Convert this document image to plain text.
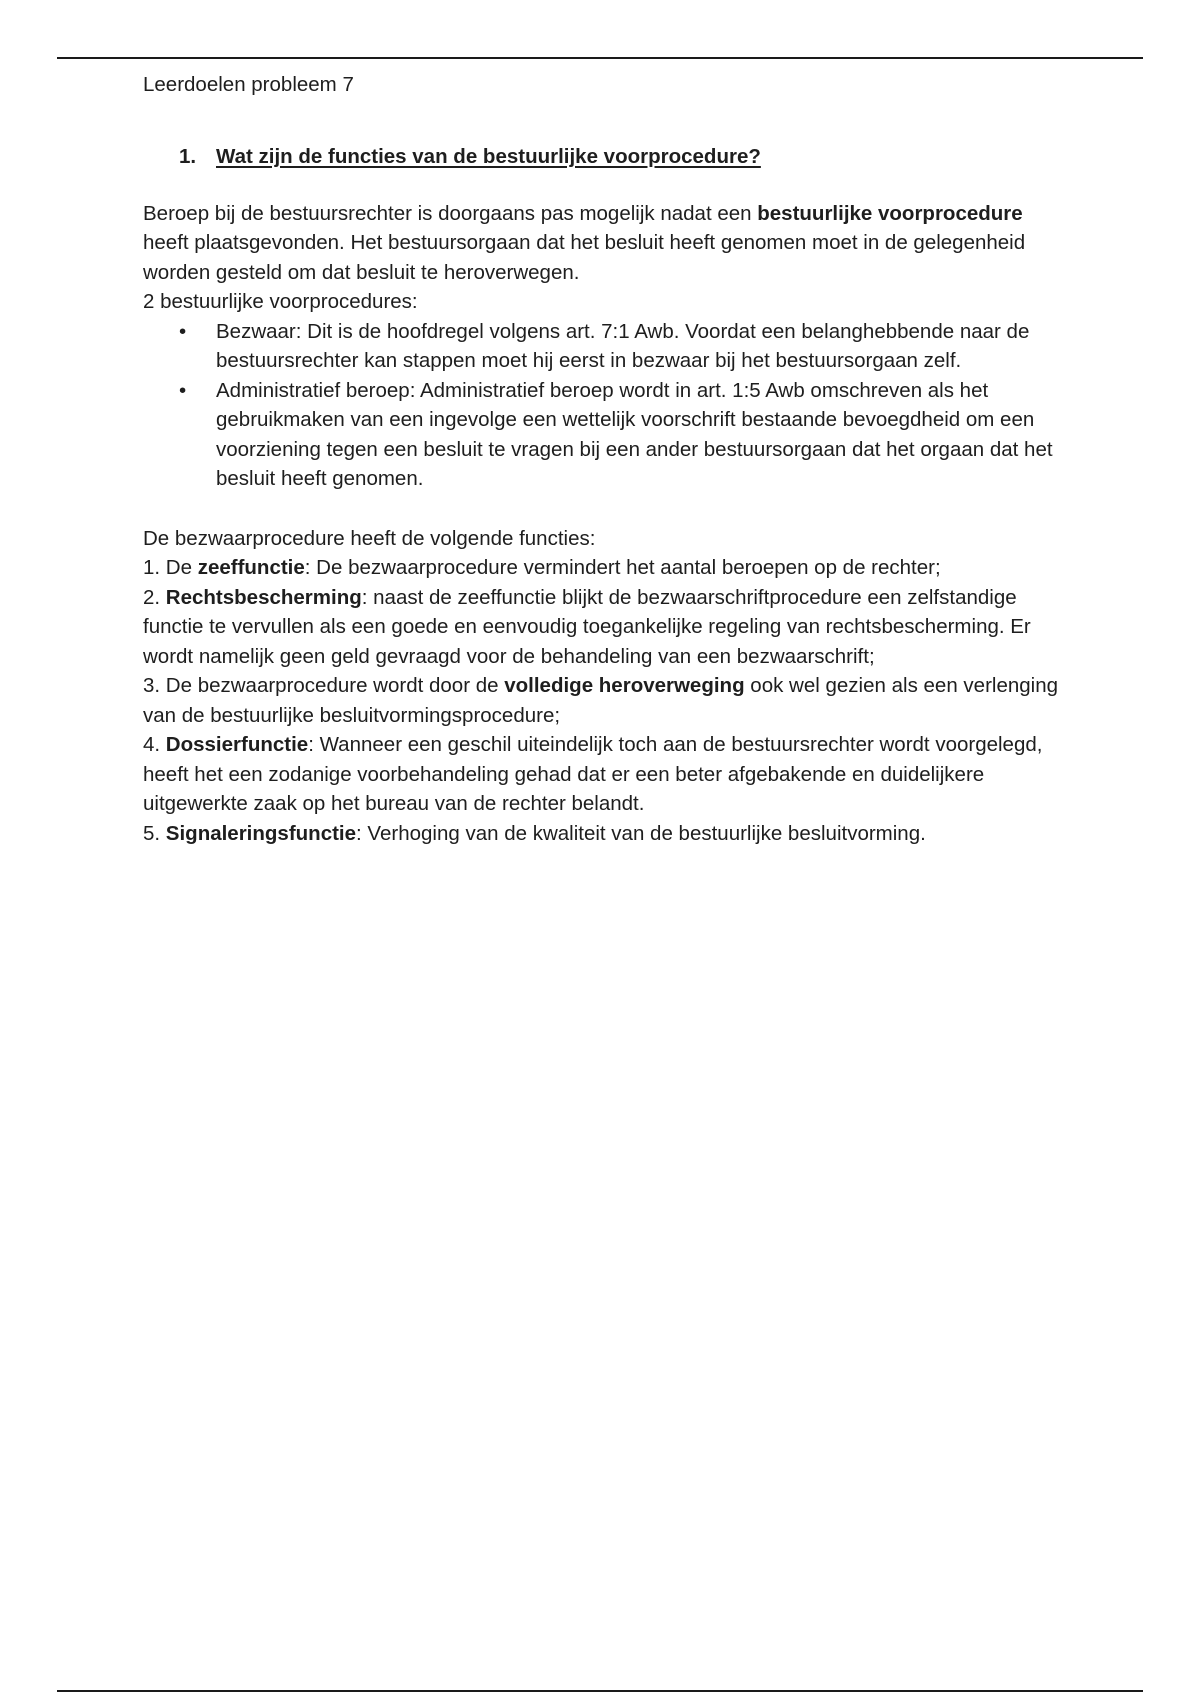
Leerdoelen probleem 7

1. Wat zijn de functies van de bestuurlijke voorprocedure?

Beroep bij de bestuursrechter is doorgaans pas mogelijk nadat een bestuurlijke voorprocedure heeft plaatsgevonden. Het bestuursorgaan dat het besluit heeft genomen moet in de gelegenheid worden gesteld om dat besluit te heroverwegen.

2 bestuurlijke voorprocedures:

• Bezwaar: Dit is de hoofdregel volgens art. 7:1 Awb. Voordat een belanghebbende naar de bestuursrechter kan stappen moet hij eerst in bezwaar bij het bestuursorgaan zelf.
• Administratief beroep: Administratief beroep wordt in art. 1:5 Awb omschreven als het gebruikmaken van een ingevolge een wettelijk voorschrift bestaande bevoegdheid om een voorziening tegen een besluit te vragen bij een ander bestuursorgaan dat het orgaan dat het besluit heeft genomen.

De bezwaarprocedure heeft de volgende functies:

1. De zeeffunctie: De bezwaarprocedure vermindert het aantal beroepen op de rechter;

2. Rechtsbescherming: naast de zeeffunctie blijkt de bezwaarschriftprocedure een zelfstandige functie te vervullen als een goede en eenvoudig toegankelijke regeling van rechtsbescherming. Er wordt namelijk geen geld gevraagd voor de behandeling van een bezwaarschrift;

3. De bezwaarprocedure wordt door de volledige heroverweging ook wel gezien als een verlenging van de bestuurlijke besluitvormingsprocedure;

4. Dossierfunctie: Wanneer een geschil uiteindelijk toch aan de bestuursrechter wordt voorgelegd, heeft het een zodanige voorbehandeling gehad dat er een beter afgebakende en duidelijkere uitgewerkte zaak op het bureau van de rechter belandt.

5. Signaleringsfunctie: Verhoging van de kwaliteit van de bestuurlijke besluitvorming.
